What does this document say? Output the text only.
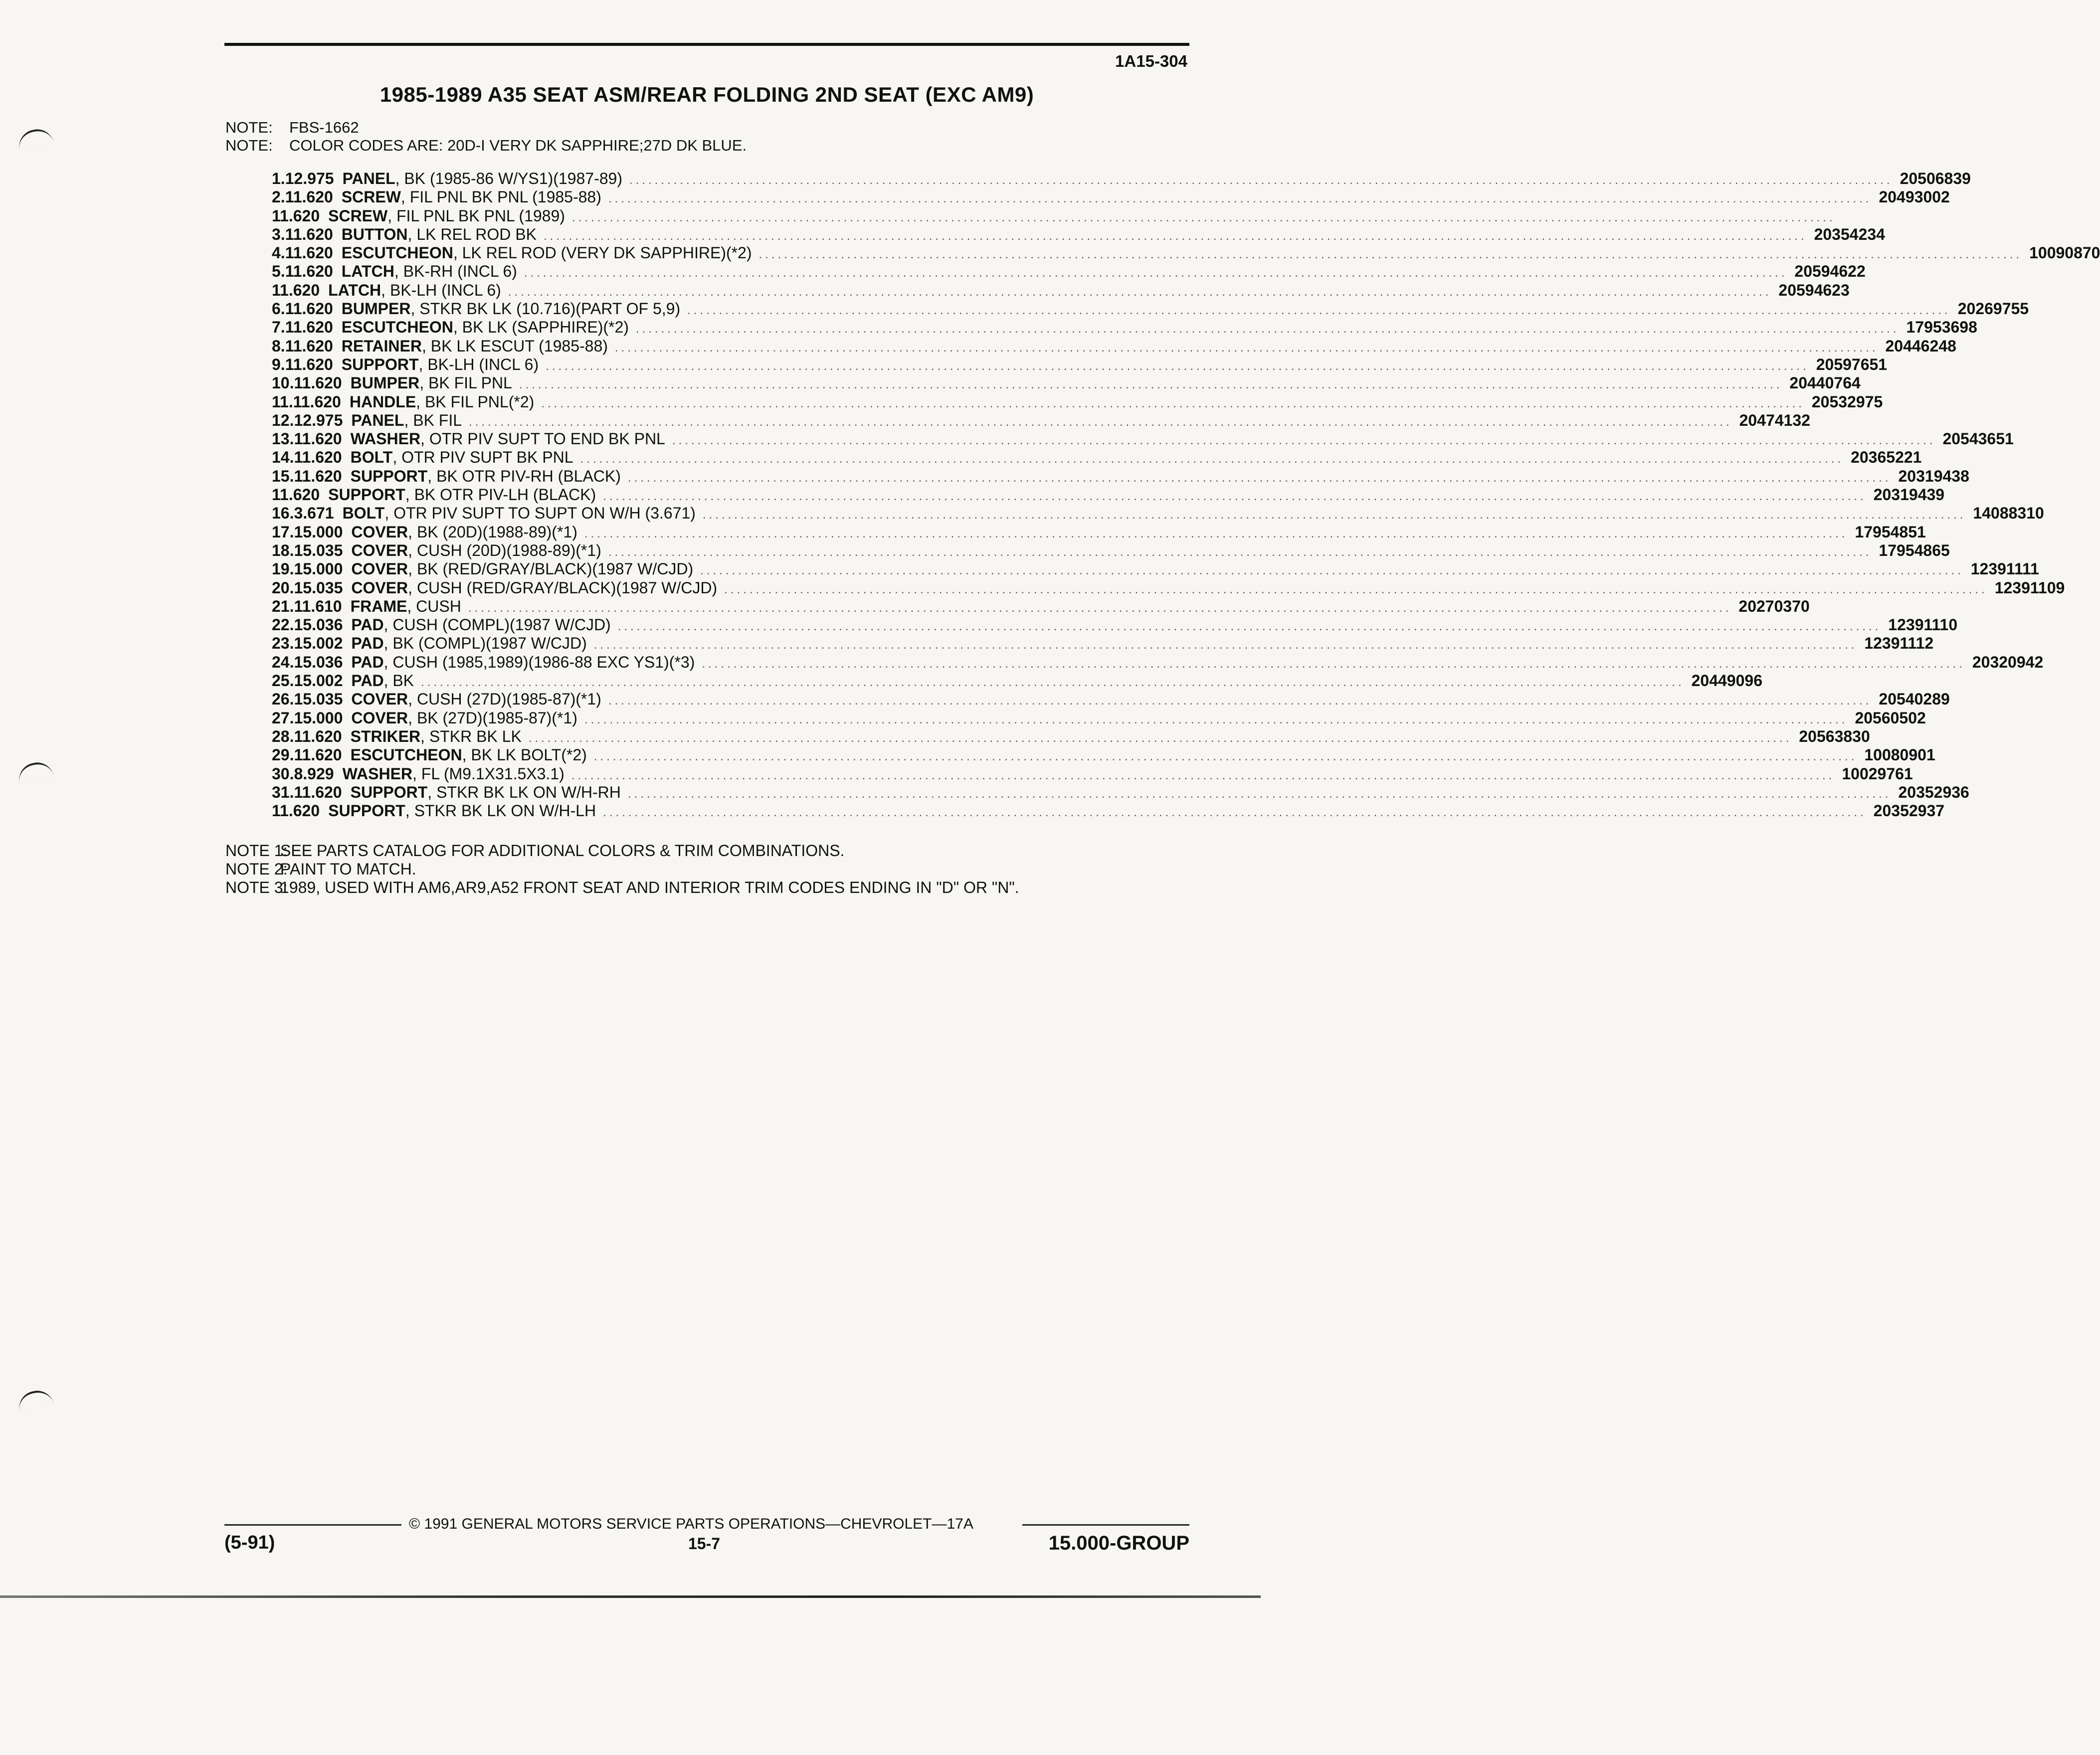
1A15-304
1985-1989 A35 SEAT ASM/REAR FOLDING 2ND SEAT (EXC AM9)
NOTE: FBS-1662
NOTE: COLOR CODES ARE: 20D-I VERY DK SAPPHIRE;27D DK BLUE.
1. 12.975 PANEL , BK (1985-86 W/YS1)(1987-89) ........................................................................................................................................................................................................ 20506839
2. 11.620 SCREW , FIL PNL BK PNL (1985-88) ........................................................................................................................................................................................................ 20493002
11.620 SCREW , FIL PNL BK PNL (1989) ........................................................................................................................................................................................................
3. 11.620 BUTTON , LK REL ROD BK ........................................................................................................................................................................................................ 20354234
4. 11.620 ESCUTCHEON , LK REL ROD (VERY DK SAPPHIRE)(*2) ........................................................................................................................................................................................................ 10090870
5. 11.620 LATCH , BK-RH (INCL 6) ........................................................................................................................................................................................................ 20594622
11.620 LATCH , BK-LH (INCL 6) ........................................................................................................................................................................................................ 20594623
6. 11.620 BUMPER , STKR BK LK (10.716)(PART OF 5,9) ........................................................................................................................................................................................................ 20269755
7. 11.620 ESCUTCHEON , BK LK (SAPPHIRE)(*2) ........................................................................................................................................................................................................ 17953698
8. 11.620 RETAINER , BK LK ESCUT (1985-88) ........................................................................................................................................................................................................ 20446248
9. 11.620 SUPPORT , BK-LH (INCL 6) ........................................................................................................................................................................................................ 20597651
10. 11.620 BUMPER , BK FIL PNL ........................................................................................................................................................................................................ 20440764
11. 11.620 HANDLE , BK FIL PNL(*2) ........................................................................................................................................................................................................ 20532975
12. 12.975 PANEL , BK FIL ........................................................................................................................................................................................................ 20474132
13. 11.620 WASHER , OTR PIV SUPT TO END BK PNL ........................................................................................................................................................................................................ 20543651
14. 11.620 BOLT , OTR PIV SUPT BK PNL ........................................................................................................................................................................................................ 20365221
15. 11.620 SUPPORT , BK OTR PIV-RH (BLACK) ........................................................................................................................................................................................................ 20319438
11.620 SUPPORT , BK OTR PIV-LH (BLACK) ........................................................................................................................................................................................................ 20319439
16. 3.671 BOLT , OTR PIV SUPT TO SUPT ON W/H (3.671) ........................................................................................................................................................................................................ 14088310
17. 15.000 COVER , BK (20D)(1988-89)(*1) ........................................................................................................................................................................................................ 17954851
18. 15.035 COVER , CUSH (20D)(1988-89)(*1) ........................................................................................................................................................................................................ 17954865
19. 15.000 COVER , BK (RED/GRAY/BLACK)(1987 W/CJD) ........................................................................................................................................................................................................ 12391111
20. 15.035 COVER , CUSH (RED/GRAY/BLACK)(1987 W/CJD) ........................................................................................................................................................................................................ 12391109
21. 11.610 FRAME , CUSH ........................................................................................................................................................................................................ 20270370
22. 15.036 PAD , CUSH (COMPL)(1987 W/CJD) ........................................................................................................................................................................................................ 12391110
23. 15.002 PAD , BK (COMPL)(1987 W/CJD) ........................................................................................................................................................................................................ 12391112
24. 15.036 PAD , CUSH (1985,1989)(1986-88 EXC YS1)(*3) ........................................................................................................................................................................................................ 20320942
25. 15.002 PAD , BK ........................................................................................................................................................................................................ 20449096
26. 15.035 COVER , CUSH (27D)(1985-87)(*1) ........................................................................................................................................................................................................ 20540289
27. 15.000 COVER , BK (27D)(1985-87)(*1) ........................................................................................................................................................................................................ 20560502
28. 11.620 STRIKER , STKR BK LK ........................................................................................................................................................................................................ 20563830
29. 11.620 ESCUTCHEON , BK LK BOLT(*2) ........................................................................................................................................................................................................ 10080901
30. 8.929 WASHER , FL (M9.1X31.5X3.1) ........................................................................................................................................................................................................ 10029761
31. 11.620 SUPPORT , STKR BK LK ON W/H-RH ........................................................................................................................................................................................................ 20352936
11.620 SUPPORT , STKR BK LK ON W/H-LH ........................................................................................................................................................................................................ 20352937
NOTE 1:SEE PARTS CATALOG FOR ADDITIONAL COLORS & TRIM COMBINATIONS.
NOTE 2:PAINT TO MATCH.
NOTE 3:1989, USED WITH AM6,AR9,A52 FRONT SEAT AND INTERIOR TRIM CODES ENDING IN "D" OR "N".
© 1991 GENERAL MOTORS SERVICE PARTS OPERATIONS—CHEVROLET—17A
(5-91)	15-7	15.000-GROUP
